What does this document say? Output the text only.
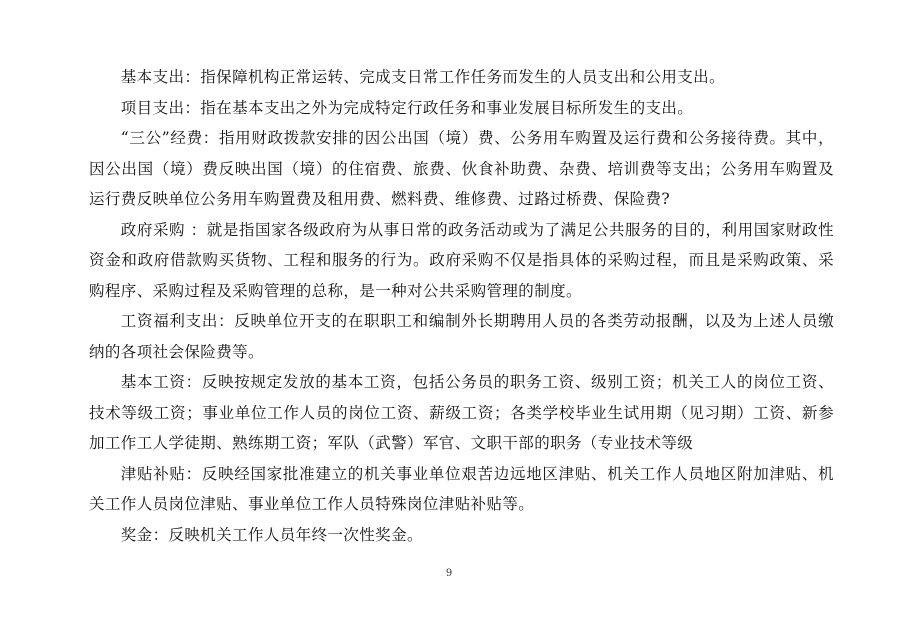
基本支出：指保障机构正常运转、完成支日常工作任务而发生的人员支出和公用支出。

项目支出：指在基本支出之外为完成特定行政任务和事业发展目标所发生的支出。

“三公”经费：指用财政拨款安排的因公出国（境）费、公务用车购置及运行费和公务接待费。其中，因公出国（境）费反映出国（境）的住宿费、旅费、伙食补助费、杂费、培训费等支出；公务用车购置及运行费反映单位公务用车购置费及租用费、燃料费、维修费、过路过桥费、保险费?

政府采购 ：就是指国家各级政府为从事日常的政务活动或为了满足公共服务的目的，利用国家财政性资金和政府借款购买货物、工程和服务的行为。政府采购不仅是指具体的采购过程，而且是采购政策、采购程序、采购过程及采购管理的总称，是一种对公共采购管理的制度。

工资福利支出：反映单位开支的在职职工和编制外长期聘用人员的各类劳动报酬，以及为上述人员缴纳的各项社会保险费等。

基本工资：反映按规定发放的基本工资，包括公务员的职务工资、级别工资；机关工人的岗位工资、技术等级工资；事业单位工作人员的岗位工资、薪级工资；各类学校毕业生试用期（见习期）工资、新参加工作工人学徒期、熟练期工资；军队（武警）军官、文职干部的职务（专业技术等级

津贴补贴：反映经国家批准建立的机关事业单位艰苦边远地区津贴、机关工作人员地区附加津贴、机关工作人员岗位津贴、事业单位工作人员特殊岗位津贴补贴等。

奖金：反映机关工作人员年终一次性奖金。

9
